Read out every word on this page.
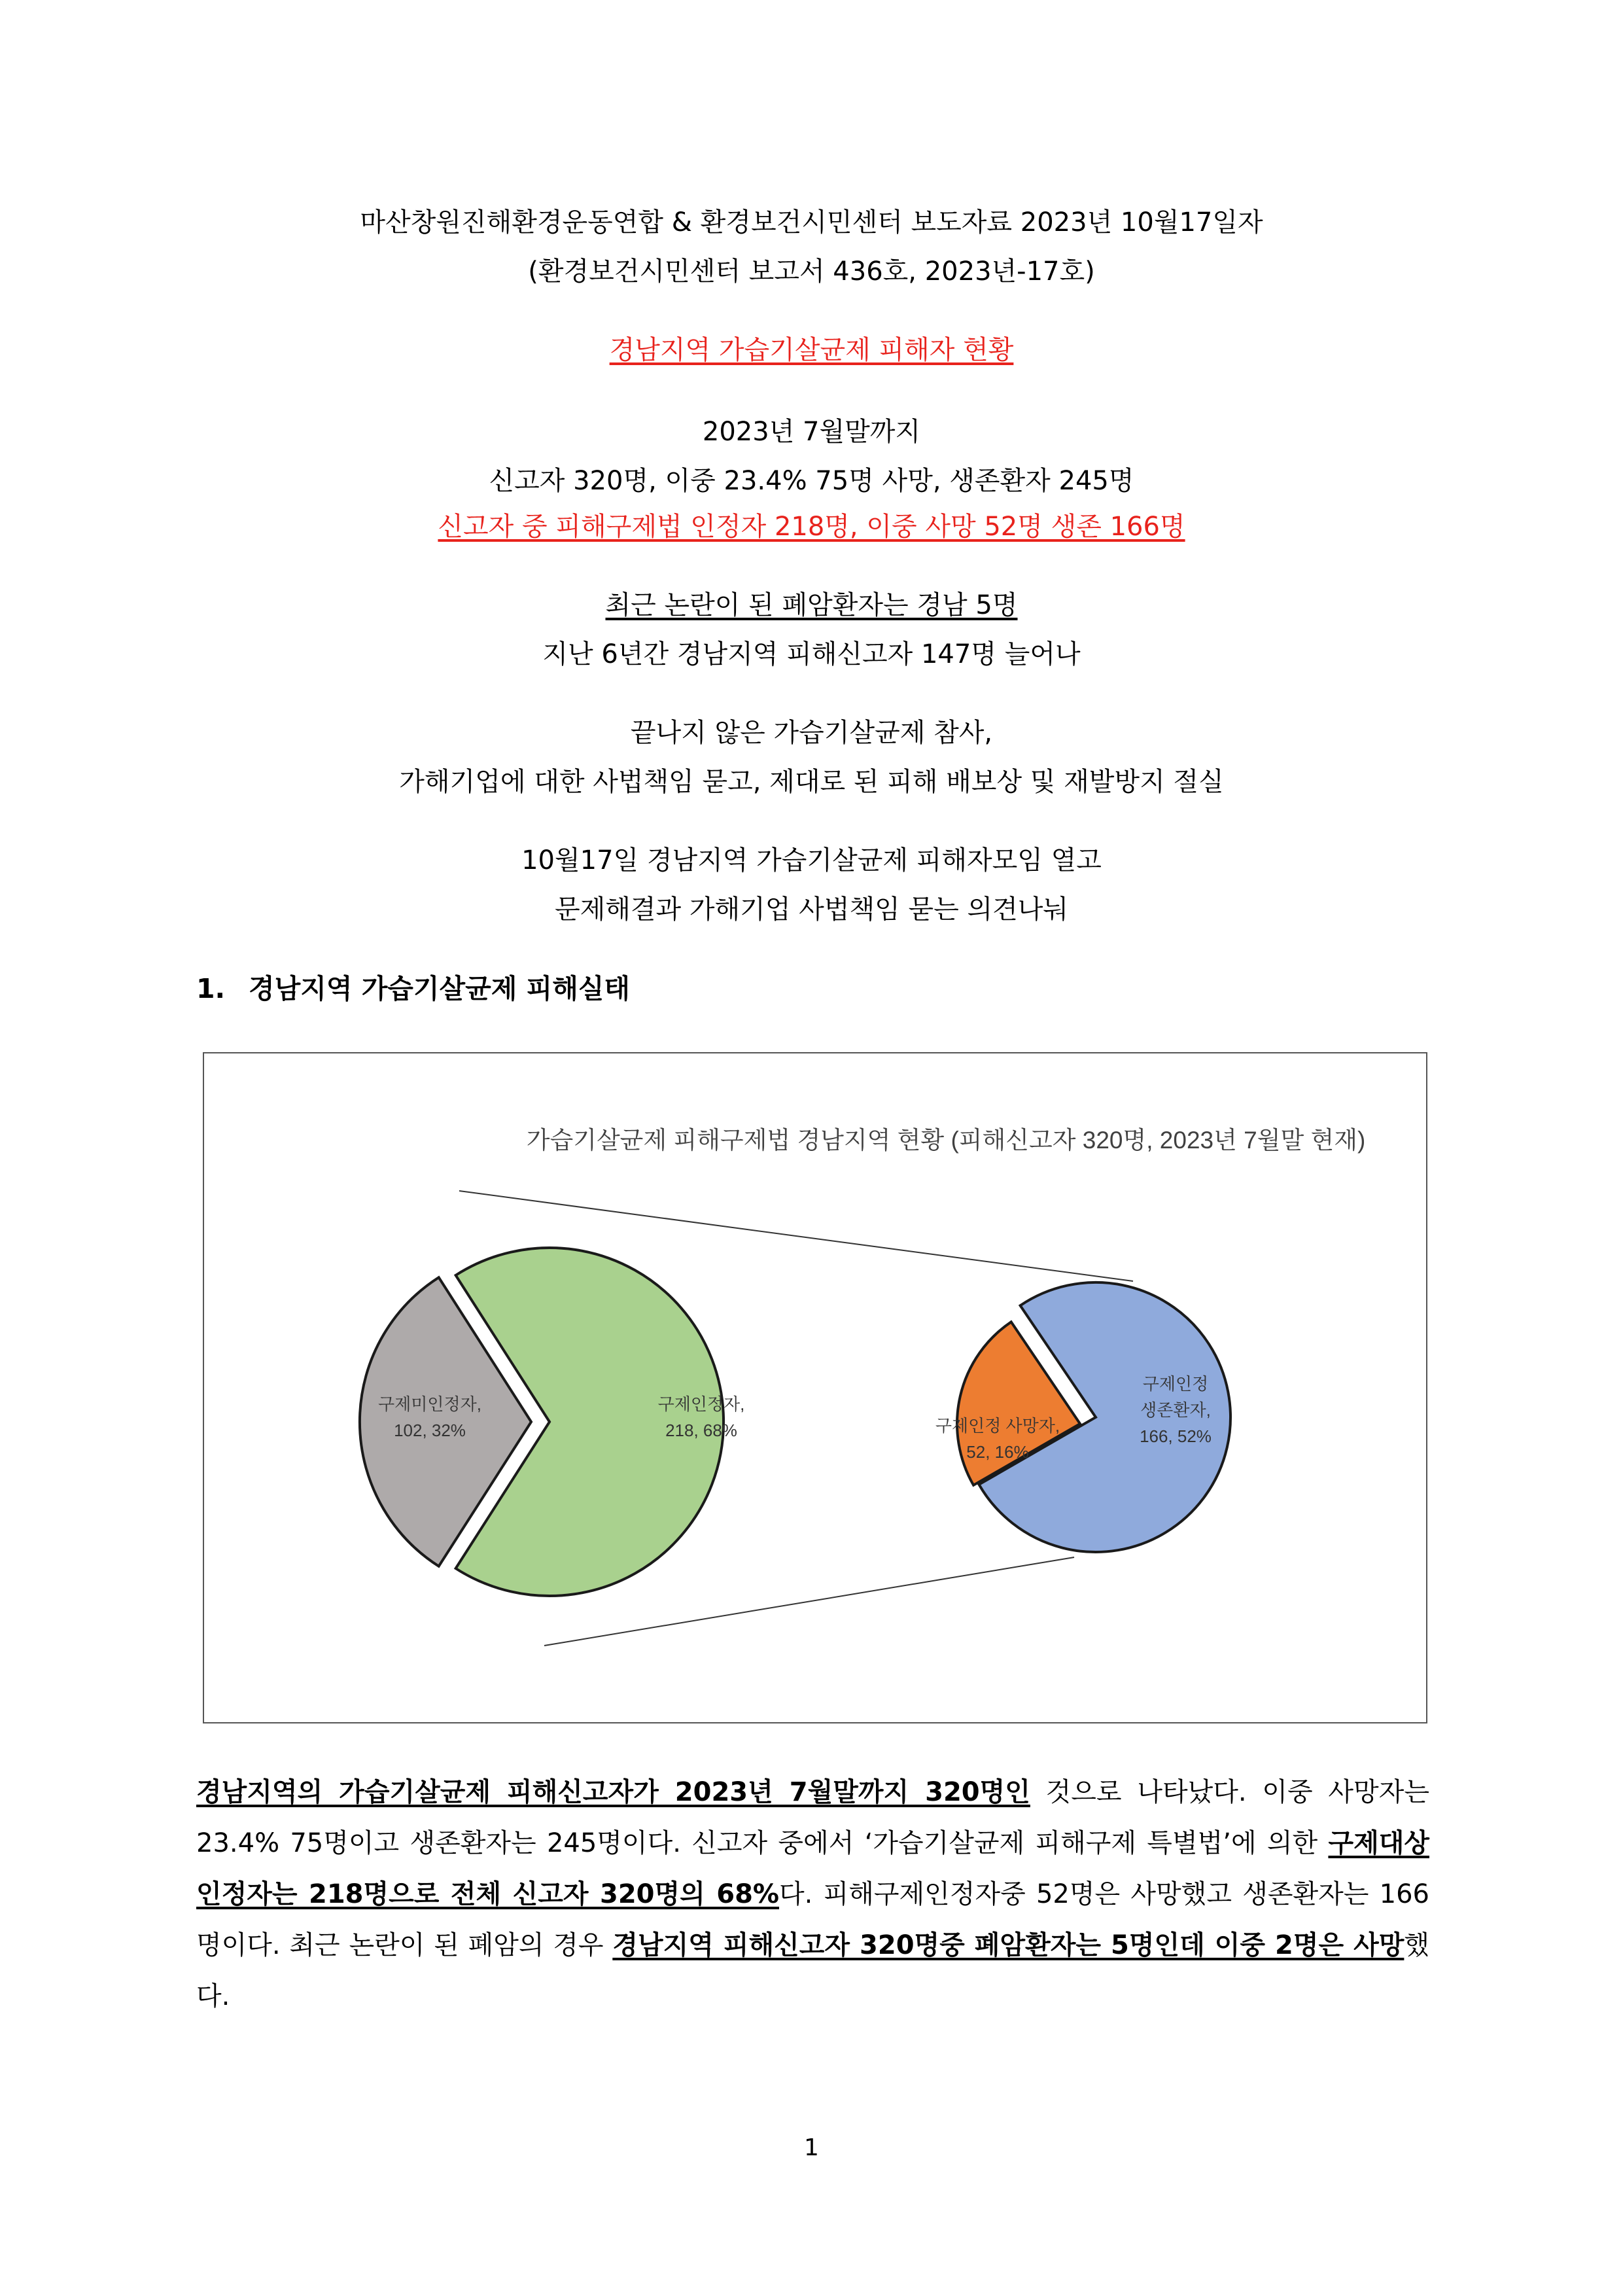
마산창원진해환경운동연합 & 환경보건시민센터 보도자료 2023년 10월17일자
(환경보건시민센터 보고서 436호, 2023년-17호)
경남지역 가습기살균제 피해자 현황
2023년 7월말까지
신고자 320명, 이중 23.4% 75명 사망, 생존환자 245명
신고자 중 피해구제법 인정자 218명, 이중 사망 52명 생존 166명
최근 논란이 된 폐암환자는 경남 5명
지난 6년간 경남지역 피해신고자 147명 늘어나
끝나지 않은 가습기살균제 참사,
가해기업에 대한 사법책임 묻고, 제대로 된 피해 배보상 및 재발방지 절실
10월17일 경남지역 가습기살균제 피해자모임 열고
문제해결과 가해기업 사법책임 묻는 의견나눠
1. 경남지역 가습기살균제 피해실태
가습기살균제 피해구제법 경남지역 현황 (피해신고자 320명, 2023년 7월말 현재)
구제미인정자, 102, 32%
구제인정자, 218, 68%	구제인정 사망자, 52, 16%
구제인정 생존환자, 166, 52%

경남지역의 가습기살균제 피해신고자가 2023년 7월말까지 320명인 것으로 나타났다. 이중 사망자는 23.4% 75명이고 생존환자는 245명이다. 신고자 중에서 ‘가습기살균제 피해구제 특별법’에 의한 구제대상 인정자는 218명으로 전체 신고자 320명의 68%다. 피해구제인정자중 52명은 사망했고 생존환자는 166명이다. 최근 논란이 된 폐암의 경우 경남지역 피해신고자 320명중 폐암환자는 5명인데 이중 2명은 사망했다.

1
